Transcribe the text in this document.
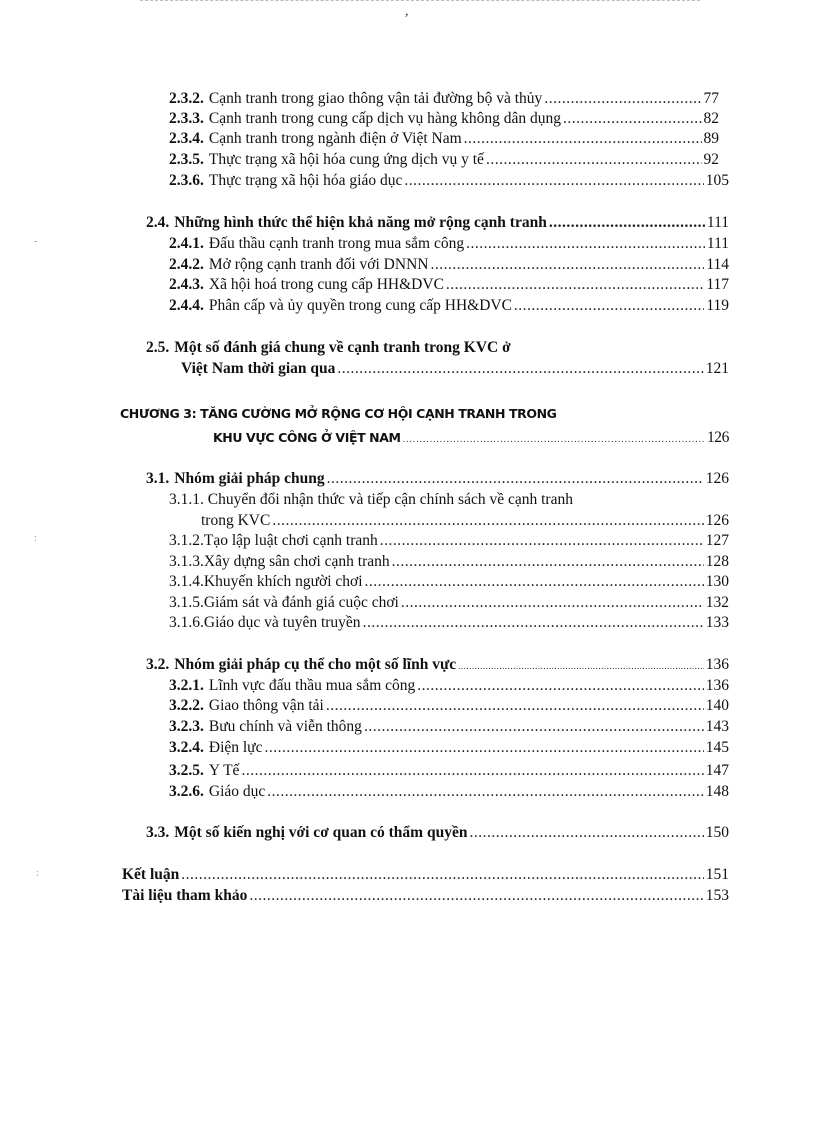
,
-
:
:
2.3.2. Cạnh tranh trong giao thông vận tải đường bộ và thủy .....	77
2.3.3. Cạnh tranh trong cung cấp dịch vụ hàng không dân dụng .....	82
2.3.4. Cạnh tranh trong ngành điện ở Việt Nam .....	89
2.3.5. Thực trạng xã hội hóa cung ứng dịch vụ y tế .....	92
2.3.6. Thực trạng xã hội hóa giáo dục .....	105
2.4. Những hình thức thể hiện khả năng mở rộng cạnh tranh .....	111
2.4.1. Đấu thầu cạnh tranh trong mua sắm công .....	111
2.4.2. Mở rộng cạnh tranh đối với DNNN .....	114
2.4.3. Xã hội hoá trong cung cấp HH&DVC .....	117
2.4.4. Phân cấp và ủy quyền trong cung cấp HH&DVC .....	119
2.5. Một số đánh giá chung về cạnh tranh trong KVC ở
Việt Nam thời gian qua .....	121
CHƯƠNG 3: TĂNG CƯỜNG MỞ RỘNG CƠ HỘI CẠNH TRANH TRONG
KHU VỰC CÔNG Ở VIỆT NAM .....	126
3.1. Nhóm giải pháp chung .....	126
3.1.1. Chuyển đổi nhận thức và tiếp cận chính sách về cạnh tranh
trong KVC .....	126
3.1.2.Tạo lập luật chơi cạnh tranh .....	127
3.1.3.Xây dựng sân chơi cạnh tranh .....	128
3.1.4.Khuyến khích người chơi .....	130
3.1.5.Giám sát và đánh giá cuộc chơi .....	132
3.1.6.Giáo dục và tuyên truyền .....	133
3.2. Nhóm giải pháp cụ thể cho một số lĩnh vực .....	136
3.2.1. Lĩnh vực đấu thầu mua sắm công .....	136
3.2.2. Giao thông vận tải .....	140
3.2.3. Bưu chính và viễn thông .....	143
3.2.4. Điện lực .....	145
3.2.5. Y Tế .....	147
3.2.6. Giáo dục .....	148
3.3. Một số kiến nghị với cơ quan có thẩm quyền .....	150
Kết luận .....	151
Tài liệu tham khảo .....	153
